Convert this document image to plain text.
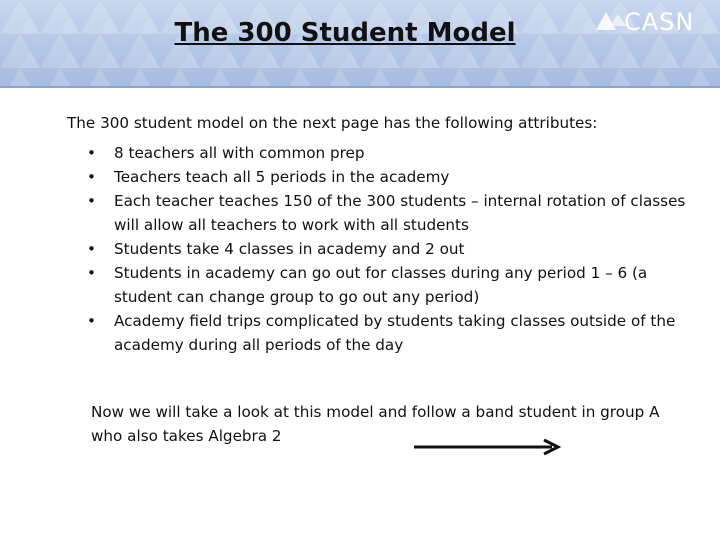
The 300 Student Model	CASN

The 300 student model on the next page has the following attributes:

• 8 teachers all with common prep
• Teachers teach all 5 periods in the academy
• Each teacher teaches 150 of the 300 students – internal rotation of classes will allow all teachers to work with all students
• Students take 4 classes in academy and 2 out
• Students in academy can go out for classes during any period 1 – 6 (a student can change group to go out any period)
• Academy field trips complicated by students taking classes outside of the academy during all periods of the day
Now we will take a look at this model and follow a band student in group A who also takes Algebra 2
